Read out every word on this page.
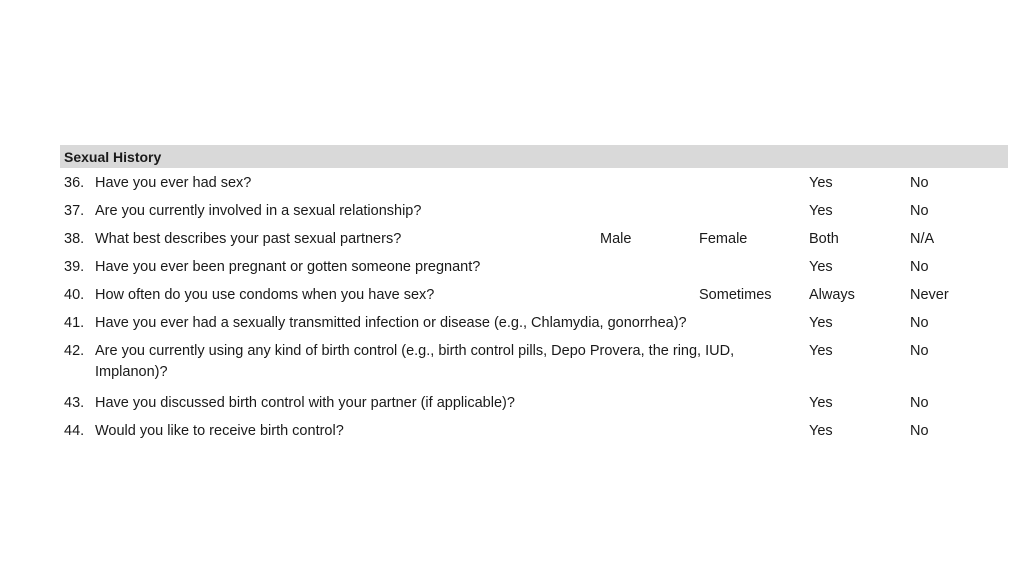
Sexual History
36. Have you ever had sex?	Yes	No
37. Are you currently involved in a sexual relationship?	Yes	No
38. What best describes your past sexual partners?	Male	Female	Both	N/A
39. Have you ever been pregnant or gotten someone pregnant?	Yes	No
40. How often do you use condoms when you have sex?	Sometimes	Always	Never
41. Have you ever had a sexually transmitted infection or disease (e.g., Chlamydia, gonorrhea)?	Yes	No
42. Are you currently using any kind of birth control (e.g., birth control pills, Depo Provera, the ring, IUD, Implanon)?
Yes	No
43. Have you discussed birth control with your partner (if applicable)?	Yes	No
44. Would you like to receive birth control?	Yes	No
